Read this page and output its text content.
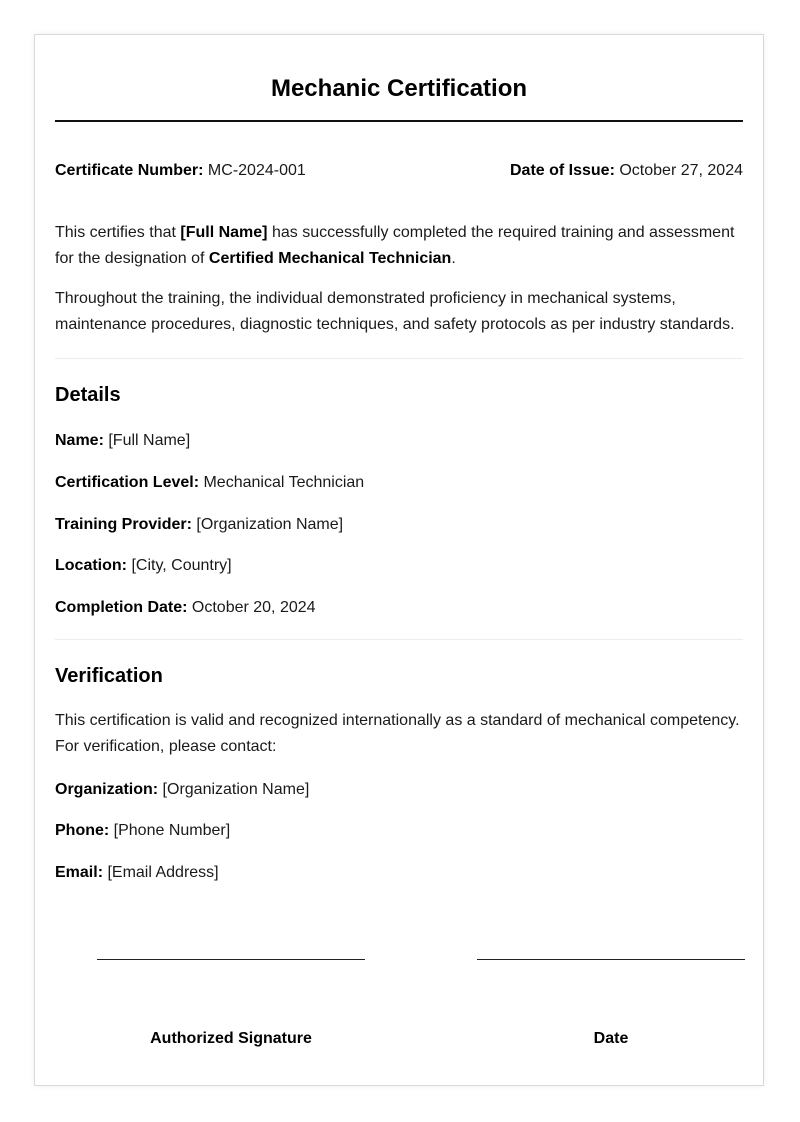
Mechanic Certification
Certificate Number: MC-2024-001	Date of Issue: October 27, 2024
This certifies that [Full Name] has successfully completed the required training and assessment for the designation of Certified Mechanical Technician.
Throughout the training, the individual demonstrated proficiency in mechanical systems, maintenance procedures, diagnostic techniques, and safety protocols as per industry standards.
Details
Name: [Full Name]
Certification Level: Mechanical Technician
Training Provider: [Organization Name]
Location: [City, Country]
Completion Date: October 20, 2024
Verification
This certification is valid and recognized internationally as a standard of mechanical competency. For verification, please contact:
Organization: [Organization Name]
Phone: [Phone Number]
Email: [Email Address]
Authorized Signature	Date
